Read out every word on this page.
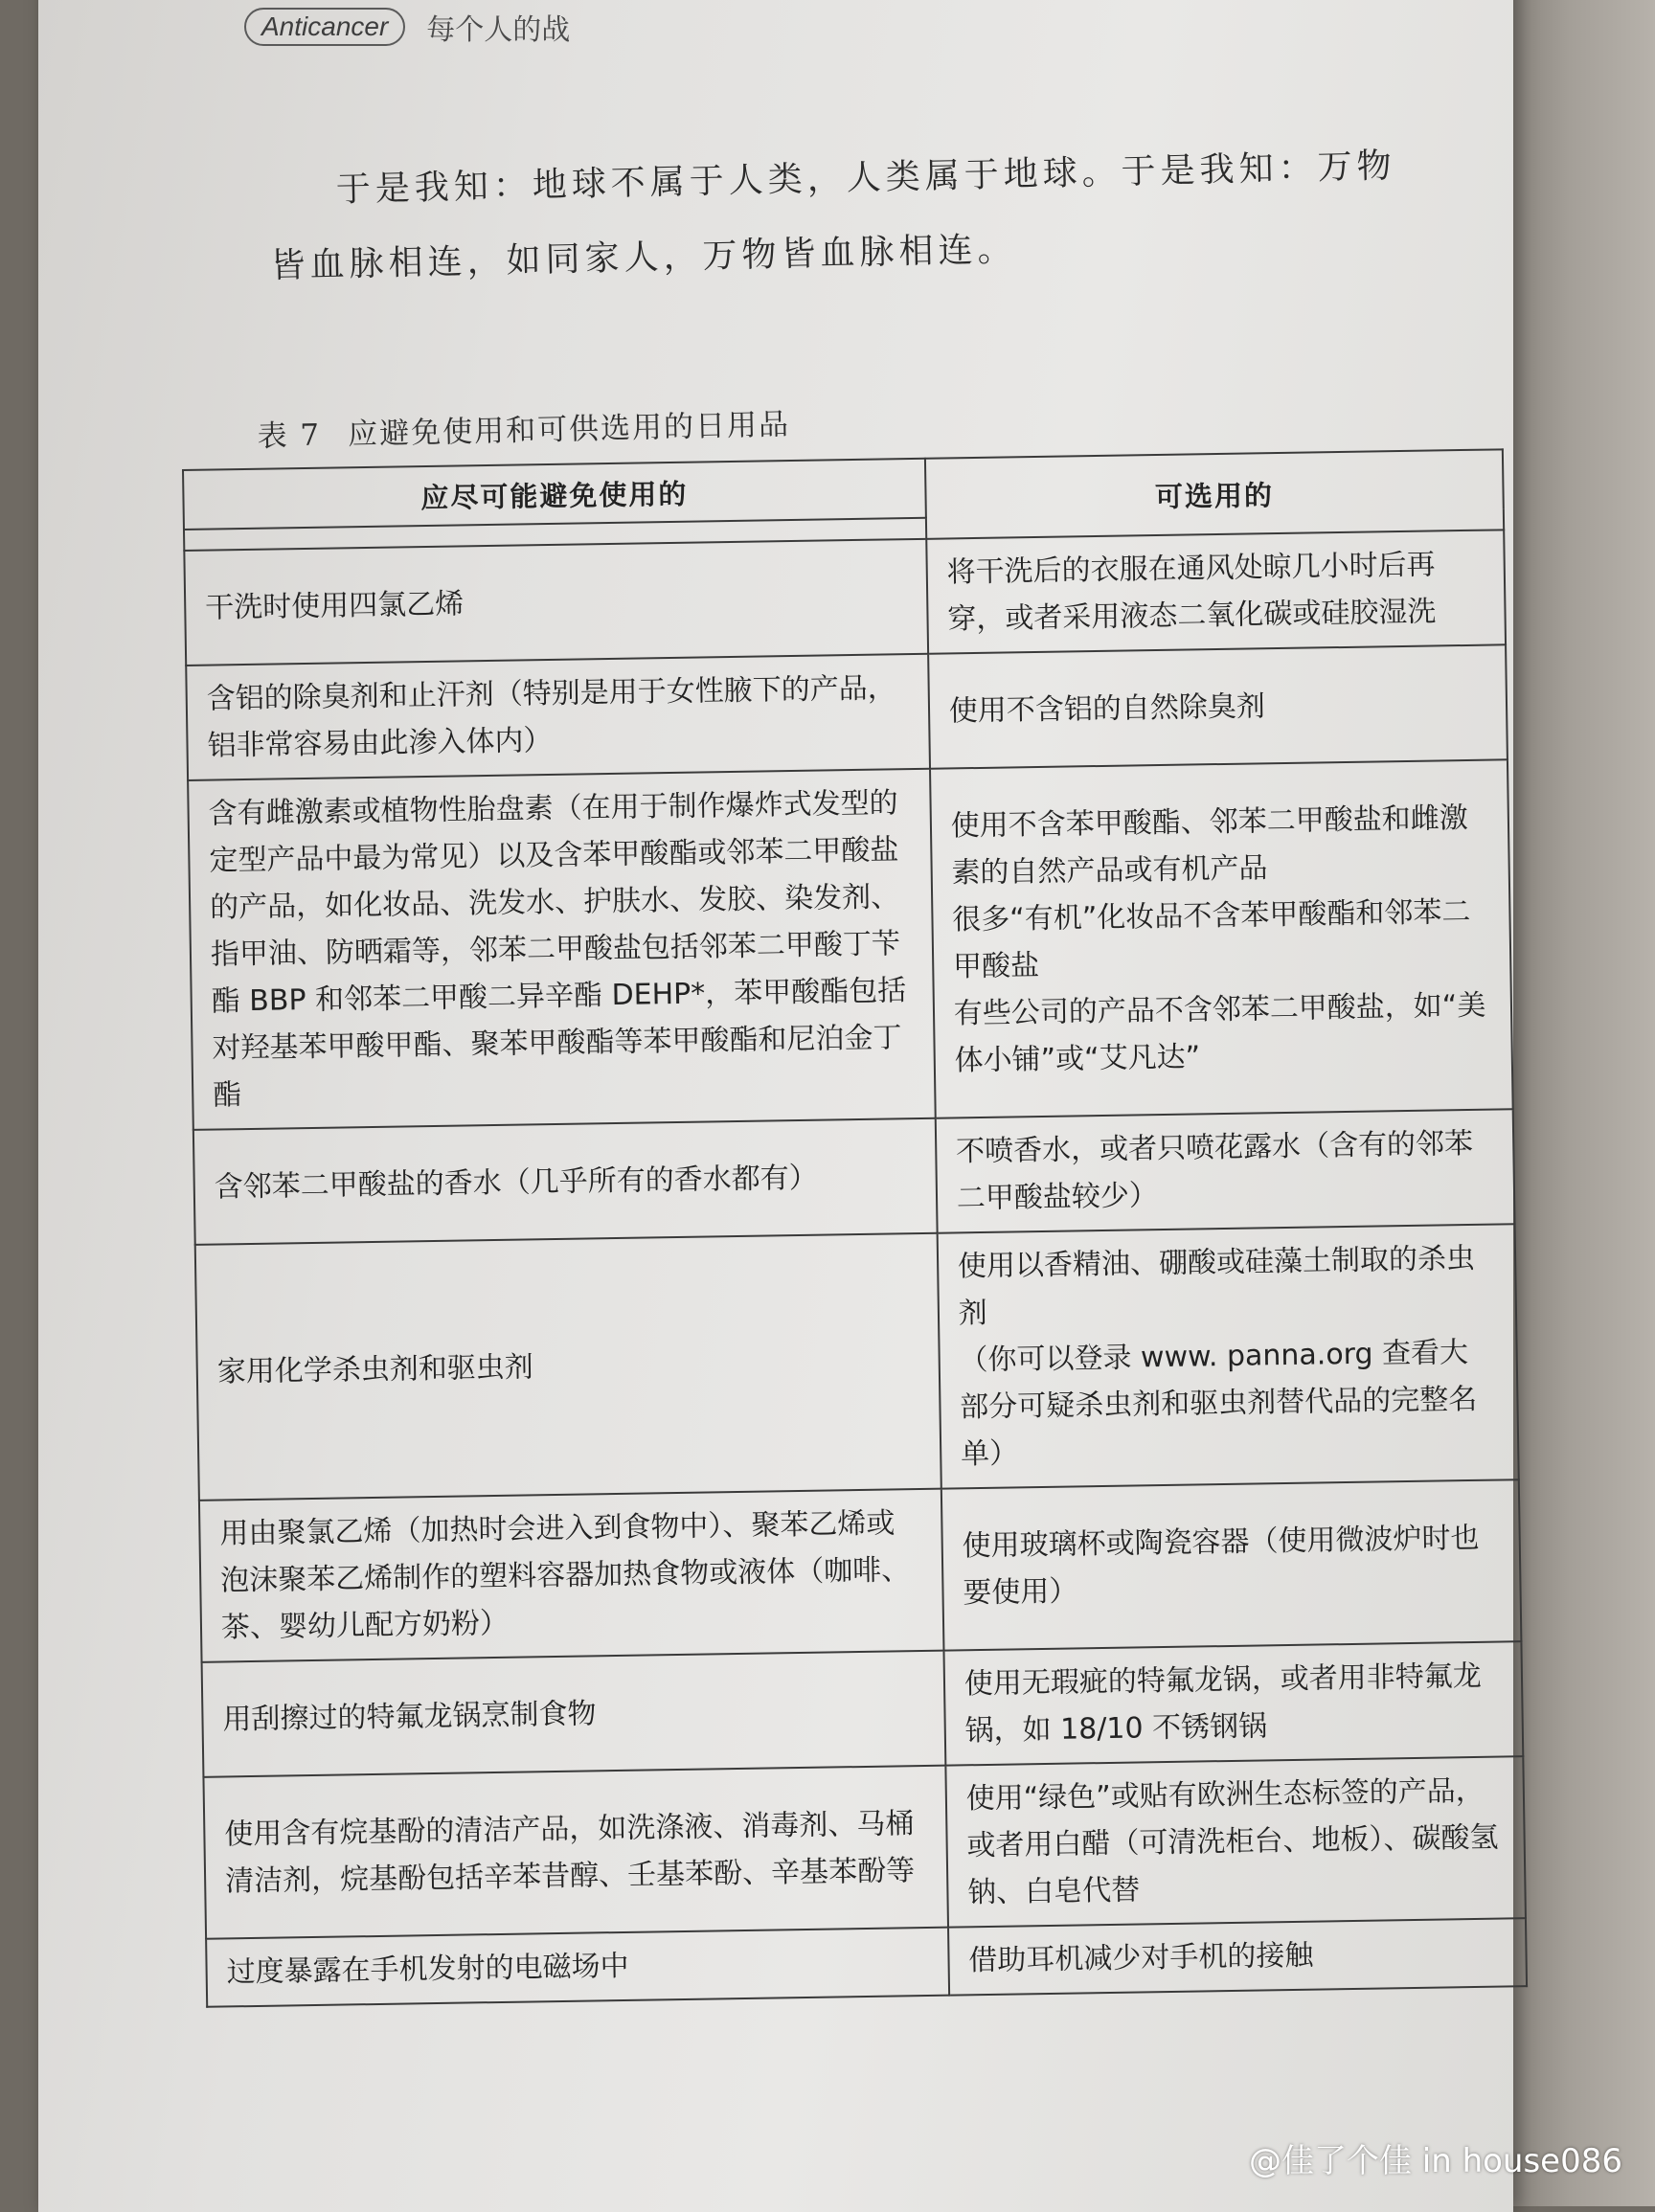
Anticancer	每个人的战

于是我知：地球不属于人类，人类属于地球。于是我知：万物

皆血脉相连，如同家人，万物皆血脉相连。

表 7 应避免使用和可供选用的日用品
应尽可能避免使用的	可选用的

干洗时使用四氯乙烯	将干洗后的衣服在通风处晾几小时后再穿，或者采用液态二氧化碳或硅胶湿洗

含铝的除臭剂和止汗剂（特别是用于女性腋下的产品，铝非常容易由此渗入体内）	使用不含铝的自然除臭剂

含有雌激素或植物性胎盘素（在用于制作爆炸式发型的定型产品中最为常见）以及含苯甲酸酯或邻苯二甲酸盐的产品，如化妆品、洗发水、护肤水、发胶、染发剂、指甲油、防晒霜等，邻苯二甲酸盐包括邻苯二甲酸丁苄酯 BBP 和邻苯二甲酸二异辛酯 DEHP*，苯甲酸酯包括对羟基苯甲酸甲酯、聚苯甲酸酯等苯甲酸酯和尼泊金丁酯	使用不含苯甲酸酯、邻苯二甲酸盐和雌激素的自然产品或有机产品
很多“有机”化妆品不含苯甲酸酯和邻苯二甲酸盐
有些公司的产品不含邻苯二甲酸盐，如“美体小铺”或“艾凡达”

含邻苯二甲酸盐的香水（几乎所有的香水都有）	不喷香水，或者只喷花露水（含有的邻苯二甲酸盐较少）

家用化学杀虫剂和驱虫剂	使用以香精油、硼酸或硅藻土制取的杀虫剂
（你可以登录 www. panna.org 查看大部分可疑杀虫剂和驱虫剂替代品的完整名单）

用由聚氯乙烯（加热时会进入到食物中）、聚苯乙烯或泡沫聚苯乙烯制作的塑料容器加热食物或液体（咖啡、茶、婴幼儿配方奶粉）	使用玻璃杯或陶瓷容器（使用微波炉时也要使用）

用刮擦过的特氟龙锅烹制食物	使用无瑕疵的特氟龙锅，或者用非特氟龙锅，如 18/10 不锈钢锅

使用含有烷基酚的清洁产品，如洗涤液、消毒剂、马桶清洁剂，烷基酚包括辛苯昔醇、壬基苯酚、辛基苯酚等	使用“绿色”或贴有欧洲生态标签的产品，或者用白醋（可清洗柜台、地板）、碳酸氢钠、白皂代替

过度暴露在手机发射的电磁场中	借助耳机减少对手机的接触
@佳了个佳 in house086
